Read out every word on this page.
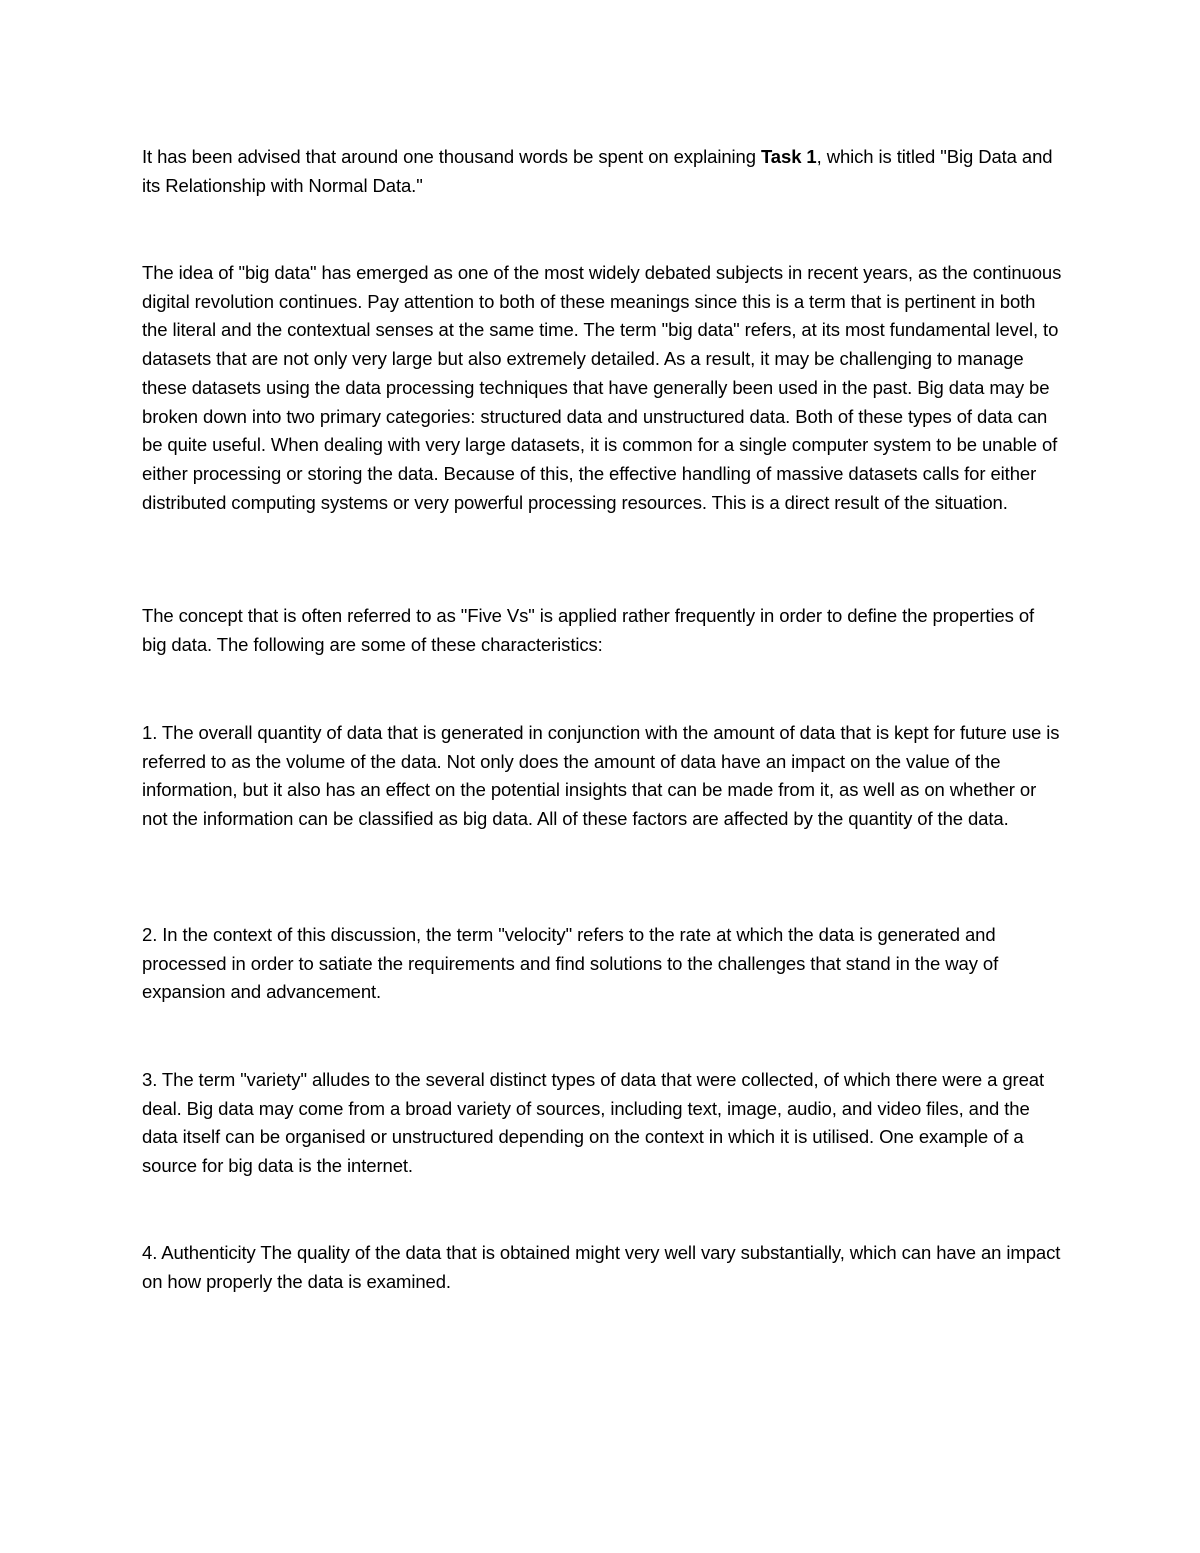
It has been advised that around one thousand words be spent on explaining Task 1, which is titled "Big Data and its Relationship with Normal Data."

The idea of "big data" has emerged as one of the most widely debated subjects in recent years, as the continuous digital revolution continues. Pay attention to both of these meanings since this is a term that is pertinent in both the literal and the contextual senses at the same time. The term "big data" refers, at its most fundamental level, to datasets that are not only very large but also extremely detailed. As a result, it may be challenging to manage these datasets using the data processing techniques that have generally been used in the past. Big data may be broken down into two primary categories: structured data and unstructured data. Both of these types of data can be quite useful. When dealing with very large datasets, it is common for a single computer system to be unable of either processing or storing the data. Because of this, the effective handling of massive datasets calls for either distributed computing systems or very powerful processing resources. This is a direct result of the situation.

The concept that is often referred to as "Five Vs" is applied rather frequently in order to define the properties of big data. The following are some of these characteristics:

1. The overall quantity of data that is generated in conjunction with the amount of data that is kept for future use is referred to as the volume of the data. Not only does the amount of data have an impact on the value of the information, but it also has an effect on the potential insights that can be made from it, as well as on whether or not the information can be classified as big data. All of these factors are affected by the quantity of the data.

2. In the context of this discussion, the term "velocity" refers to the rate at which the data is generated and processed in order to satiate the requirements and find solutions to the challenges that stand in the way of expansion and advancement.

3. The term "variety" alludes to the several distinct types of data that were collected, of which there were a great deal. Big data may come from a broad variety of sources, including text, image, audio, and video files, and the data itself can be organised or unstructured depending on the context in which it is utilised. One example of a source for big data is the internet.

4. Authenticity The quality of the data that is obtained might very well vary substantially, which can have an impact on how properly the data is examined.
